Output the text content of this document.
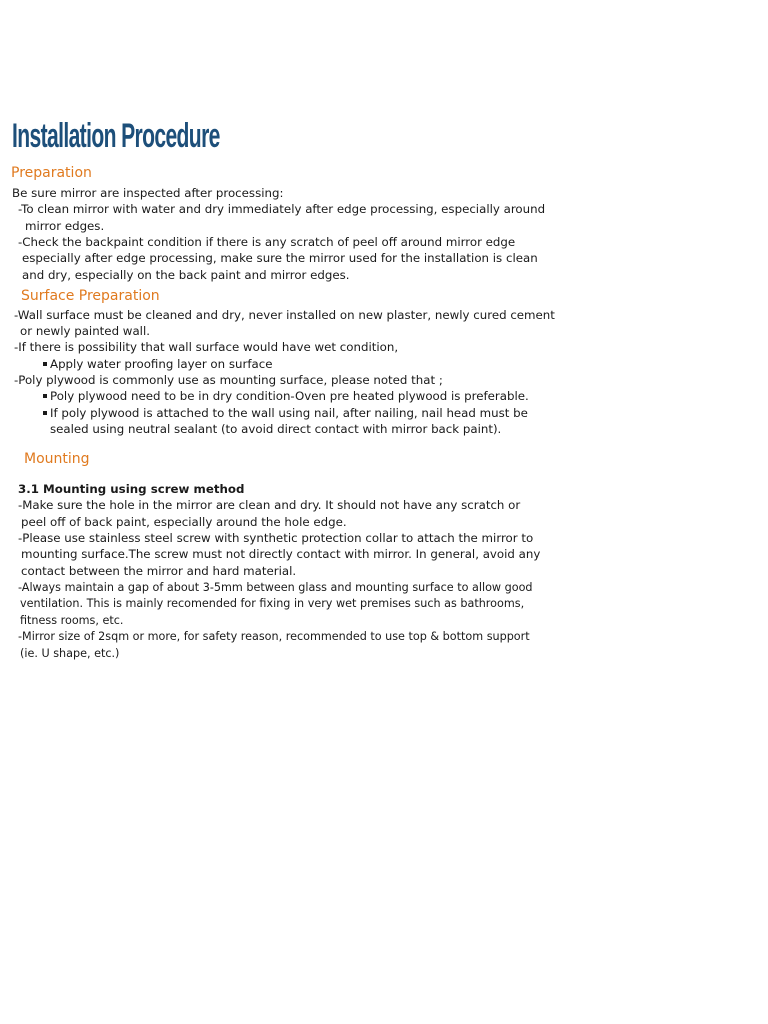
Installation Procedure
Preparation
Be sure mirror are inspected after processing:
-To clean mirror with water and dry immediately after edge processing, especially around
mirror edges.
-Check the backpaint condition if there is any scratch of peel off around mirror edge
especially after edge processing, make sure the mirror used for the installation is clean
and dry, especially on the back paint and mirror edges.
Surface Preparation
-Wall surface must be cleaned and dry, never installed on new plaster, newly cured cement
or newly painted wall.
-If there is possibility that wall surface would have wet condition,
Apply water proofing layer on surface
-Poly plywood is commonly use as mounting surface, please noted that ;
Poly plywood need to be in dry condition-Oven pre heated plywood is preferable.
If poly plywood is attached to the wall using nail, after nailing, nail head must be
sealed using neutral sealant (to avoid direct contact with mirror back paint).
Mounting
3.1 Mounting using screw method
-Make sure the hole in the mirror are clean and dry. It should not have any scratch or
peel off of back paint, especially around the hole edge.
-Please use stainless steel screw with synthetic protection collar to attach the mirror to
mounting surface.The screw must not directly contact with mirror. In general, avoid any
contact between the mirror and hard material.
-Always maintain a gap of about 3-5mm between glass and mounting surface to allow good
ventilation. This is mainly recomended for fixing in very wet premises such as bathrooms,
fitness rooms, etc.
-Mirror size of 2sqm or more, for safety reason, recommended to use top & bottom support
(ie. U shape, etc.)
